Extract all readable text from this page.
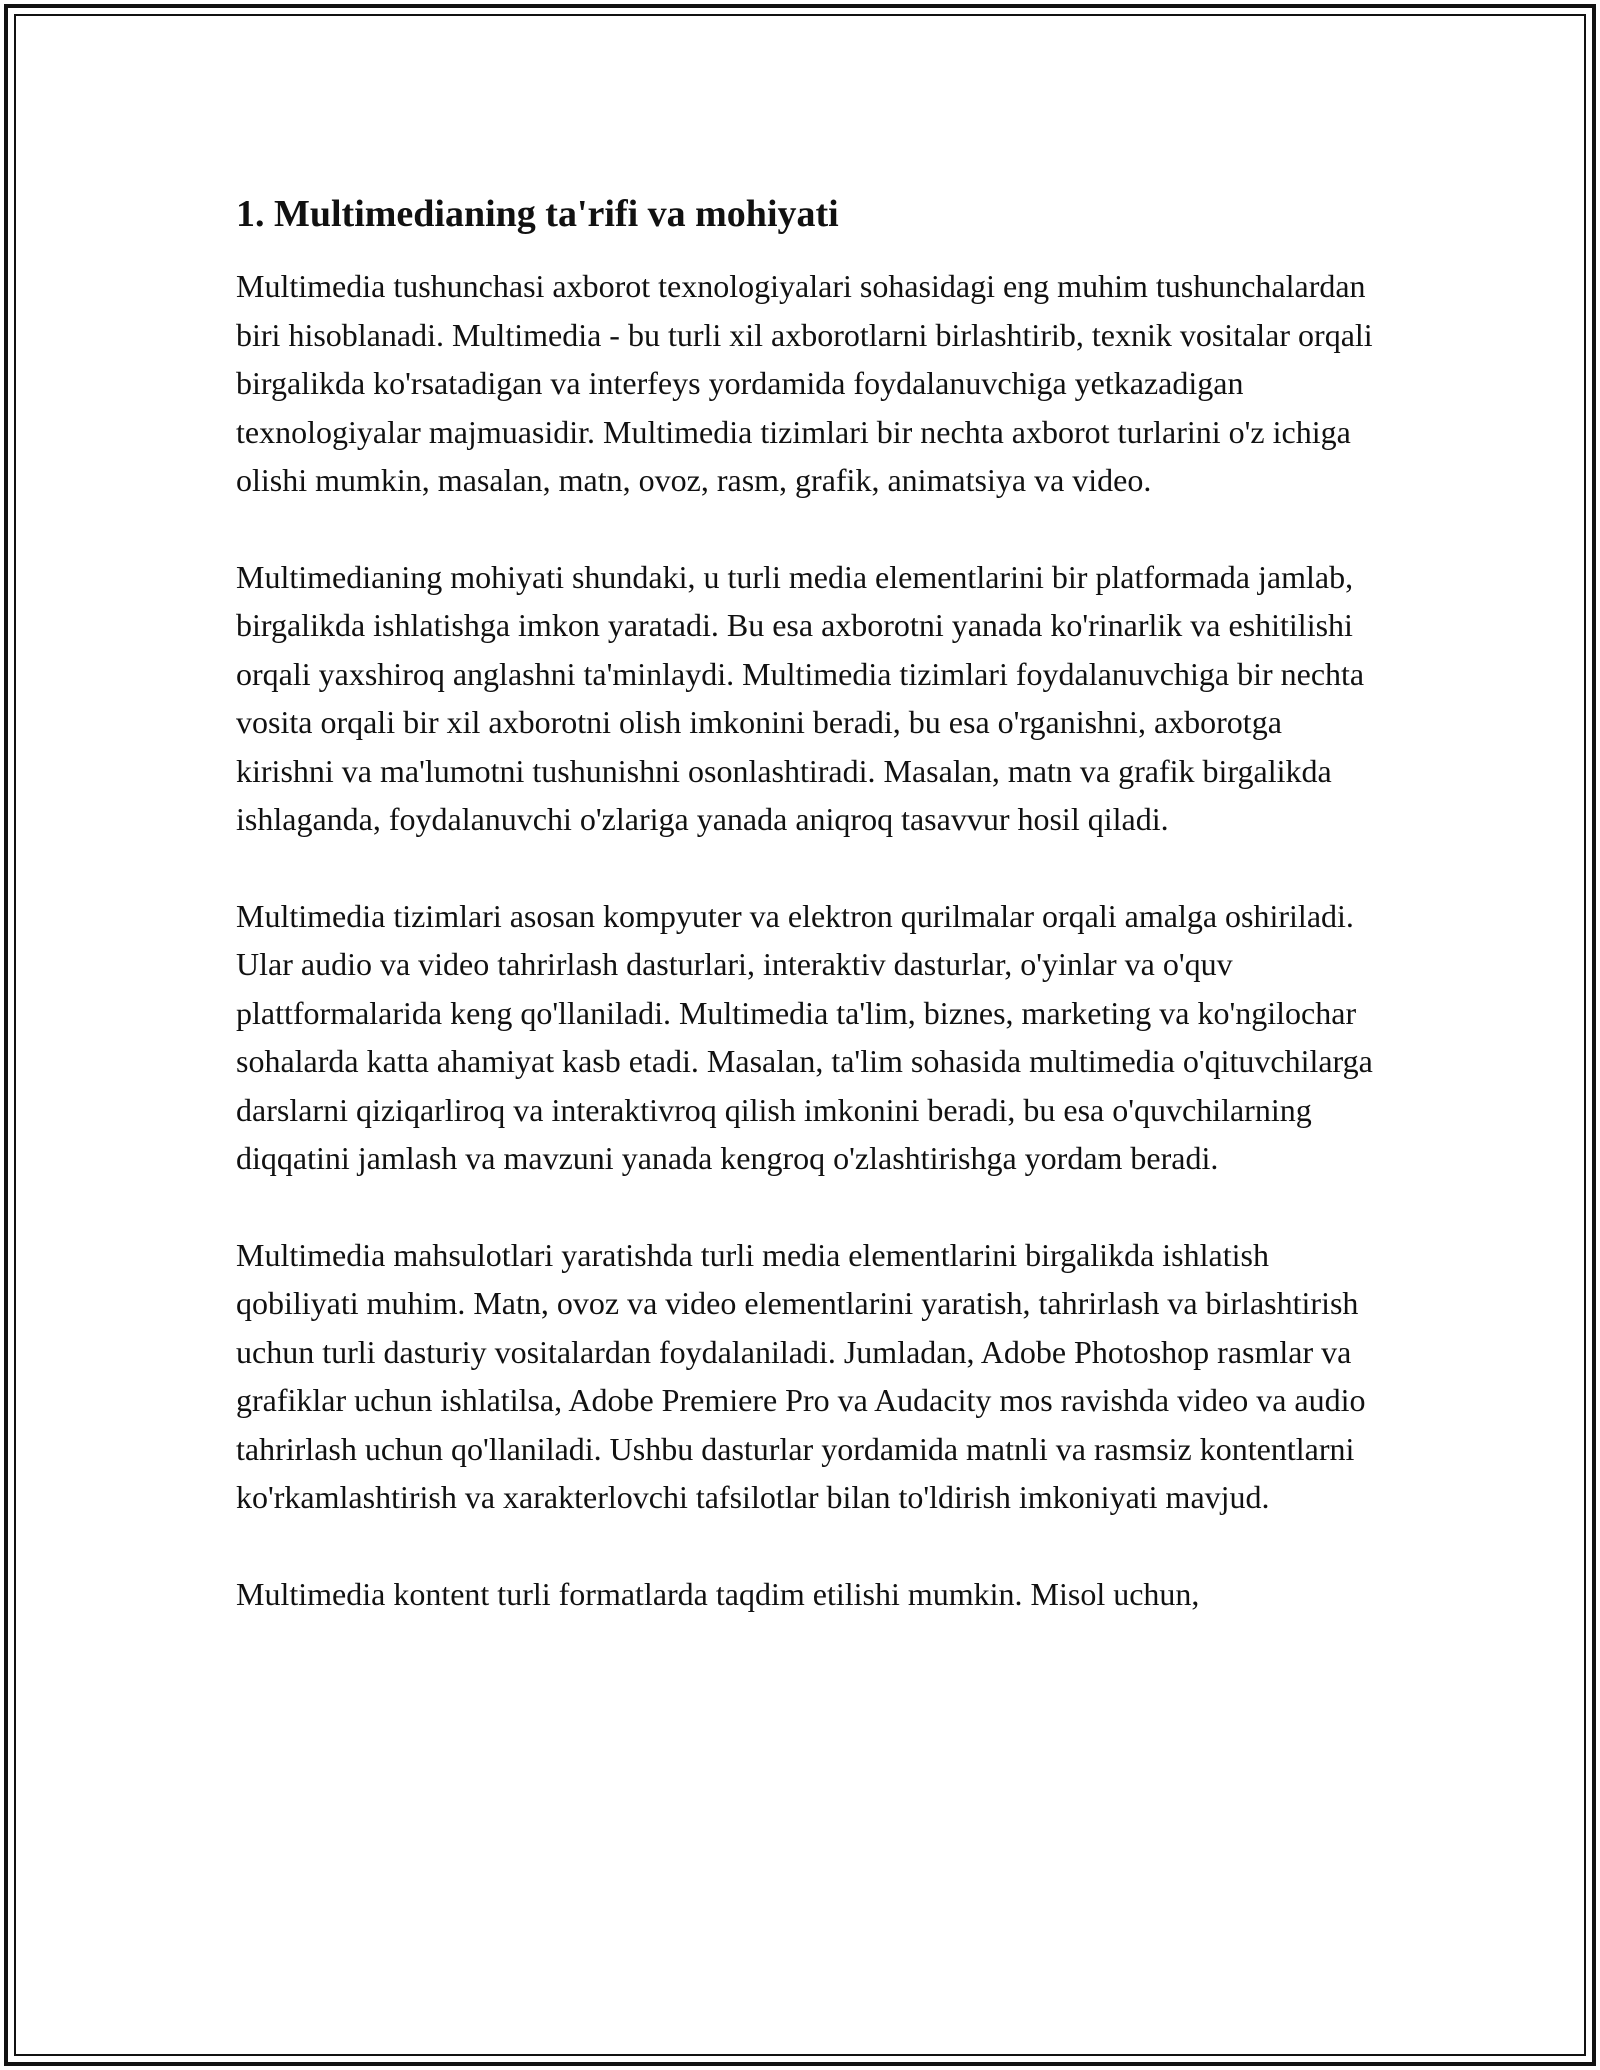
1. Multimedianing ta'rifi va mohiyati

Multimedia tushunchasi axborot texnologiyalari sohasidagi eng muhim tushunchalardan biri hisoblanadi. Multimedia - bu turli xil axborotlarni birlashtirib, texnik vositalar orqali birgalikda ko'rsatadigan va interfeys yordamida foydalanuvchiga yetkazadigan texnologiyalar majmuasidir. Multimedia tizimlari bir nechta axborot turlarini o'z ichiga olishi mumkin, masalan, matn, ovoz, rasm, grafik, animatsiya va video.

Multimedianing mohiyati shundaki, u turli media elementlarini bir platformada jamlab, birgalikda ishlatishga imkon yaratadi. Bu esa axborotni yanada ko'rinarlik va eshitilishi orqali yaxshiroq anglashni ta'minlaydi. Multimedia tizimlari foydalanuvchiga bir nechta vosita orqali bir xil axborotni olish imkonini beradi, bu esa o'rganishni, axborotga kirishni va ma'lumotni tushunishni osonlashtiradi. Masalan, matn va grafik birgalikda ishlaganda, foydalanuvchi o'zlariga yanada aniqroq tasavvur hosil qiladi.

Multimedia tizimlari asosan kompyuter va elektron qurilmalar orqali amalga oshiriladi. Ular audio va video tahrirlash dasturlari, interaktiv dasturlar, o'yinlar va o'quv plattformalarida keng qo'llaniladi. Multimedia ta'lim, biznes, marketing va ko'ngilochar sohalarda katta ahamiyat kasb etadi. Masalan, ta'lim sohasida multimedia o'qituvchilarga darslarni qiziqarliroq va interaktivroq qilish imkonini beradi, bu esa o'quvchilarning diqqatini jamlash va mavzuni yanada kengroq o'zlashtirishga yordam beradi.

Multimedia mahsulotlari yaratishda turli media elementlarini birgalikda ishlatish qobiliyati muhim. Matn, ovoz va video elementlarini yaratish, tahrirlash va birlashtirish uchun turli dasturiy vositalardan foydalaniladi. Jumladan, Adobe Photoshop rasmlar va grafiklar uchun ishlatilsa, Adobe Premiere Pro va Audacity mos ravishda video va audio tahrirlash uchun qo'llaniladi. Ushbu dasturlar yordamida matnli va rasmsiz kontentlarni ko'rkamlashtirish va xarakterlovchi tafsilotlar bilan to'ldirish imkoniyati mavjud.

Multimedia kontent turli formatlarda taqdim etilishi mumkin. Misol uchun,
